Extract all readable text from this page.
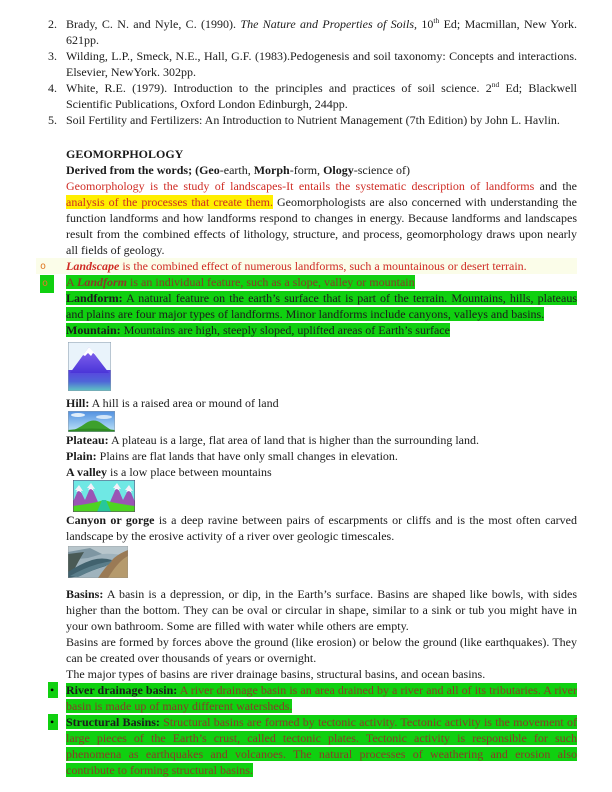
2. Brady, C. N. and Nyle, C. (1990). The Nature and Properties of Soils, 10th Ed; Macmillan, New York. 621pp.
3. Wilding, L.P., Smeck, N.E., Hall, G.F. (1983).Pedogenesis and soil taxonomy: Concepts and interactions. Elsevier, NewYork. 302pp.
4. White, R.E. (1979). Introduction to the principles and practices of soil science. 2nd Ed; Blackwell Scientific Publications, Oxford London Edinburgh, 244pp.
5. Soil Fertility and Fertilizers: An Introduction to Nutrient Management (7th Edition) by John L. Havlin.
GEOMORPHOLOGY
Derived from the words; (Geo-earth, Morph-form, Ology-science of)
Geomorphology is the study of landscapes-It entails the systematic description of landforms and the analysis of the processes that create them. Geomorphologists are also concerned with understanding the function landforms and how landforms respond to changes in energy. Because landforms and landscapes result from the combined effects of lithology, structure, and process, geomorphology draws upon nearly all fields of geology.
o Landscape is the combined effect of numerous landforms, such a mountainous or desert terrain.
o	A Landform is an individual feature, such as a slope, valley or mountain
Landform: A natural feature on the earth’s surface that is part of the terrain. Mountains, hills, plateaus and plains are four major types of landforms. Minor landforms include canyons, valleys and basins.
Mountain: Mountains are high, steeply sloped, uplifted areas of Earth’s surface
Hill: A hill is a raised area or mound of land
Plateau: A plateau is a large, flat area of land that is higher than the surrounding land.
Plain: Plains are flat lands that have only small changes in elevation.
A valley is a low place between mountains
Canyon or gorge is a deep ravine between pairs of escarpments or cliffs and is the most often carved landscape by the erosive activity of a river over geologic timescales.
Basins: A basin is a depression, or dip, in the Earth’s surface. Basins are shaped like bowls, with sides higher than the bottom. They can be oval or circular in shape, similar to a sink or tub you might have in your own bathroom. Some are filled with water while others are empty.
Basins are formed by forces above the ground (like erosion) or below the ground (like earthquakes). They can be created over thousands of years or overnight.
The major types of basins are river drainage basins, structural basins, and ocean basins.
• River drainage basin: A river drainage basin is an area drained by a river and all of its tributaries. A river basin is made up of many different watersheds.
• Structural Basins: Structural basins are formed by tectonic activity. Tectonic activity is the movement of large pieces of the Earth’s crust, called tectonic plates. Tectonic activity is responsible for such phenomena as earthquakes and volcanoes. The natural processes of weathering and erosion also contribute to forming structural basins.
